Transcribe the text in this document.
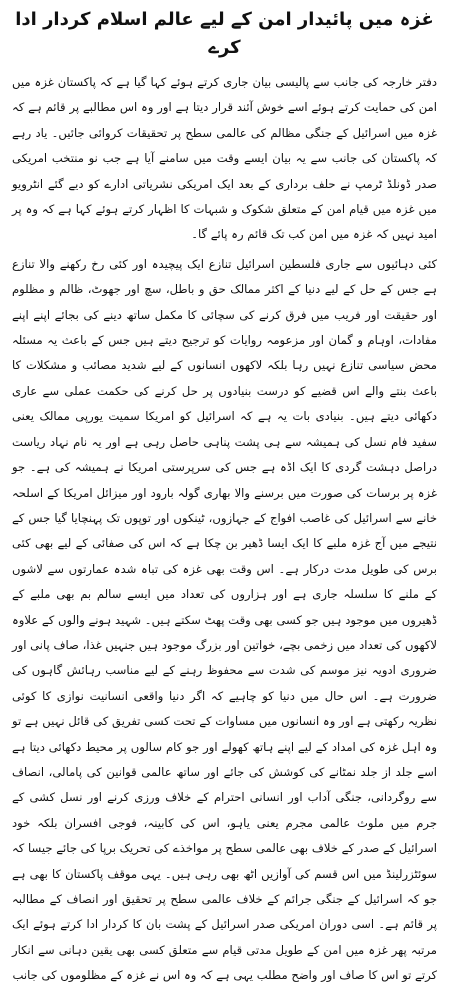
غزہ میں پائیدار امن کے لیے عالم اسلام کردار ادا کرے

دفتر خارجہ کی جانب سے پالیسی بیان جاری کرتے ہوئے کہا گیا ہے کہ پاکستان غزہ میں امن کی حمایت کرتے ہوئے اسے خوش آئند قرار دیتا ہے اور وہ اس مطالبے پر قائم ہے کہ غزہ میں اسرائیل کے جنگی مظالم کی عالمی سطح پر تحقیقات کروائی جائیں۔ یاد رہے کہ پاکستان کی جانب سے یہ بیان ایسے وقت میں سامنے آیا ہے جب نو منتخب امریکی صدر ڈونلڈ ٹرمپ نے حلف برداری کے بعد ایک امریکی نشریاتی ادارے کو دیے گئے انٹرویو میں غزہ میں قیام امن کے متعلق شکوک و شبہات کا اظہار کرتے ہوئے کہا ہے کہ وہ پر امید نہیں کہ غزہ میں امن کب تک قائم رہ پائے گا۔

کئی دہائیوں سے جاری فلسطین اسرائیل تنازع ایک پیچیدہ اور کئی رخ رکھنے والا تنازع ہے جس کے حل کے لیے دنیا کے اکثر ممالک حق و باطل، سچ اور جھوٹ، ظالم و مظلوم اور حقیقت اور فریب میں فرق کرنے کی سچائی کا مکمل ساتھ دینے کی بجائے اپنے اپنے مفادات، اوہام و گمان اور مزعومہ روایات کو ترجیح دیتے ہیں جس کے باعث یہ مسئلہ محض سیاسی تنازع نہیں رہا بلکہ لاکھوں انسانوں کے لیے شدید مصائب و مشکلات کا باعث بنتے والے اس قضیے کو درست بنیادوں پر حل کرنے کی حکمت عملی سے عاری دکھائی دیتے ہیں۔ بنیادی بات یہ ہے کہ اسرائیل کو امریکا سمیت یورپی ممالک یعنی سفید فام نسل کی ہمیشہ سے ہی پشت پناہی حاصل رہی ہے اور یہ نام نہاد ریاست دراصل دہشت گردی کا ایک اڈہ ہے جس کی سرپرستی امریکا نے ہمیشہ کی ہے۔ جو غزہ پر برسات کی صورت میں برسنے والا بھاری گولہ بارود اور میزائل امریکا کے اسلحہ خانے سے اسرائیل کی غاصب افواج کے جہازوں، ٹینکوں اور توپوں تک پہنچایا گیا جس کے نتیجے میں آج غزہ ملبے کا ایک ایسا ڈھیر بن چکا ہے کہ اس کی صفائی کے لیے بھی کئی برس کی طویل مدت درکار ہے۔ اس وقت بھی غزہ کی تباہ شدہ عمارتوں سے لاشوں کے ملنے کا سلسلہ جاری ہے اور ہزاروں کی تعداد میں ایسے سالم بم بھی ملبے کے ڈھیروں میں موجود ہیں جو کسی بھی وقت پھٹ سکتے ہیں۔ شہید ہونے والوں کے علاوہ لاکھوں کی تعداد میں زخمی بچے، خواتین اور بزرگ موجود ہیں جنہیں غذا، صاف پانی اور ضروری ادویہ نیز موسم کی شدت سے محفوظ رہنے کے لیے مناسب رہائش گاہوں کی ضرورت ہے۔ اس حال میں دنیا کو چاہیے کہ اگر دنیا واقعی انسانیت نوازی کا کوئی نظریہ رکھتی ہے اور وہ انسانوں میں مساوات کے تحت کسی تفریق کی قائل نہیں ہے تو وہ اہل غزہ کی امداد کے لیے اپنے ہاتھ کھولے اور جو کام سالوں پر محیط دکھائی دیتا ہے اسے جلد از جلد نمٹانے کی کوشش کی جائے اور ساتھ عالمی قوانین کی پامالی، انصاف سے روگردانی، جنگی آداب اور انسانی احترام کے خلاف ورزی کرنے اور نسل کشی کے جرم میں ملوث عالمی مجرم یعنی یاہو، اس کی کابینہ، فوجی افسران بلکہ خود اسرائیل کے صدر کے خلاف بھی عالمی سطح پر مواخذے کی تحریک برپا کی جائے جیسا کہ سوئٹزرلینڈ میں اس قسم کی آوازیں اٹھ بھی رہی ہیں۔ یہی موقف پاکستان کا بھی ہے جو کہ اسرائیل کے جنگی جرائم کے خلاف عالمی سطح پر تحقیق اور انصاف کے مطالبہ پر قائم ہے۔ اسی دوران امریکی صدر اسرائیل کے پشت بان کا کردار ادا کرتے ہوئے ایک مرتبہ پھر غزہ میں امن کے طویل مدتی قیام سے متعلق کسی بھی یقین دہانی سے انکار کرتے تو اس کا صاف اور واضح مطلب یہی ہے کہ وہ اس نے غزہ کے مظلوموں کی جانب
